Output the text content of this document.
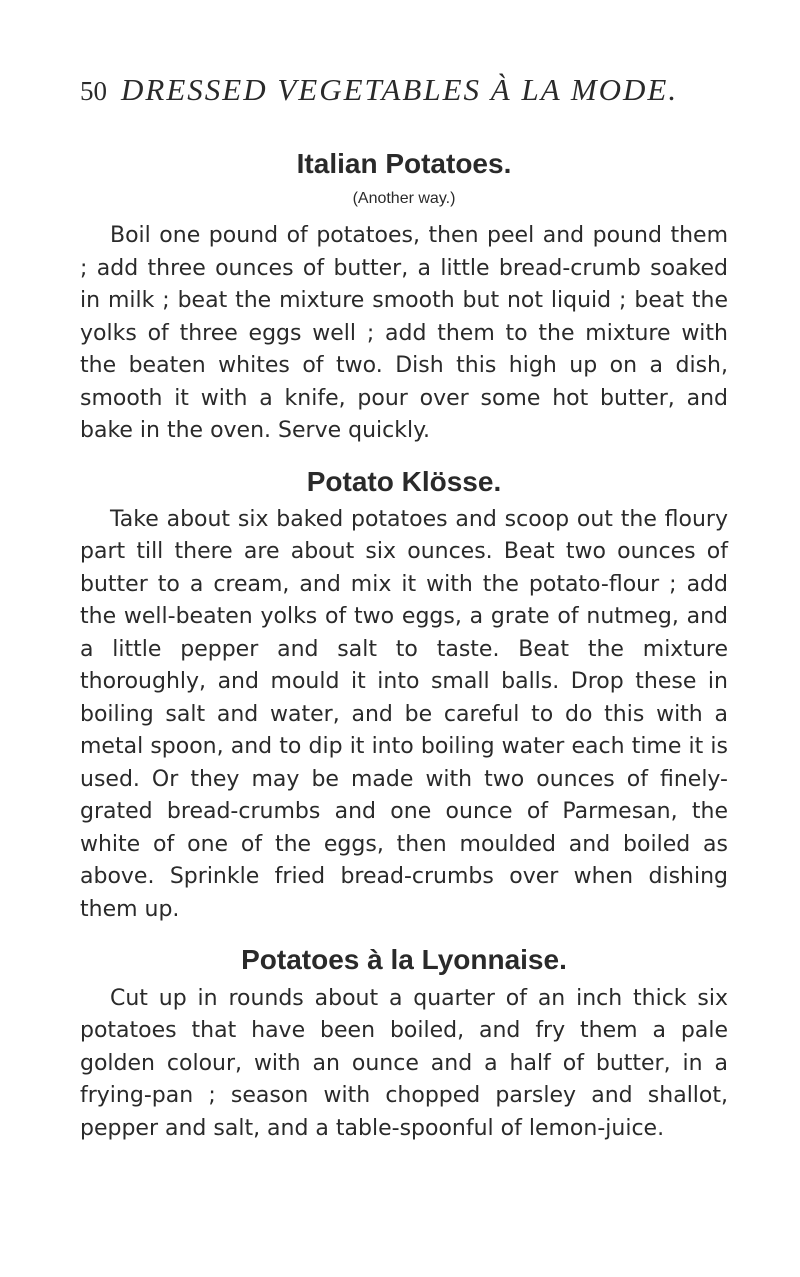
50 DRESSED VEGETABLES À LA MODE.
Italian Potatoes.
(Another way.)

Boil one pound of potatoes, then peel and pound them ; add three ounces of butter, a little bread-crumb soaked in milk ; beat the mixture smooth but not liquid ; beat the yolks of three eggs well ; add them to the mixture with the beaten whites of two. Dish this high up on a dish, smooth it with a knife, pour over some hot butter, and bake in the oven. Serve quickly.

Potato Klösse.

Take about six baked potatoes and scoop out the floury part till there are about six ounces. Beat two ounces of butter to a cream, and mix it with the potato-flour ; add the well-beaten yolks of two eggs, a grate of nutmeg, and a little pepper and salt to taste. Beat the mixture thoroughly, and mould it into small balls. Drop these in boiling salt and water, and be careful to do this with a metal spoon, and to dip it into boiling water each time it is used. Or they may be made with two ounces of finely-grated bread-crumbs and one ounce of Parmesan, the white of one of the eggs, then moulded and boiled as above. Sprinkle fried bread-crumbs over when dishing them up.

Potatoes à la Lyonnaise.

Cut up in rounds about a quarter of an inch thick six potatoes that have been boiled, and fry them a pale golden colour, with an ounce and a half of butter, in a frying-pan ; season with chopped parsley and shallot, pepper and salt, and a table-spoonful of lemon-juice.
